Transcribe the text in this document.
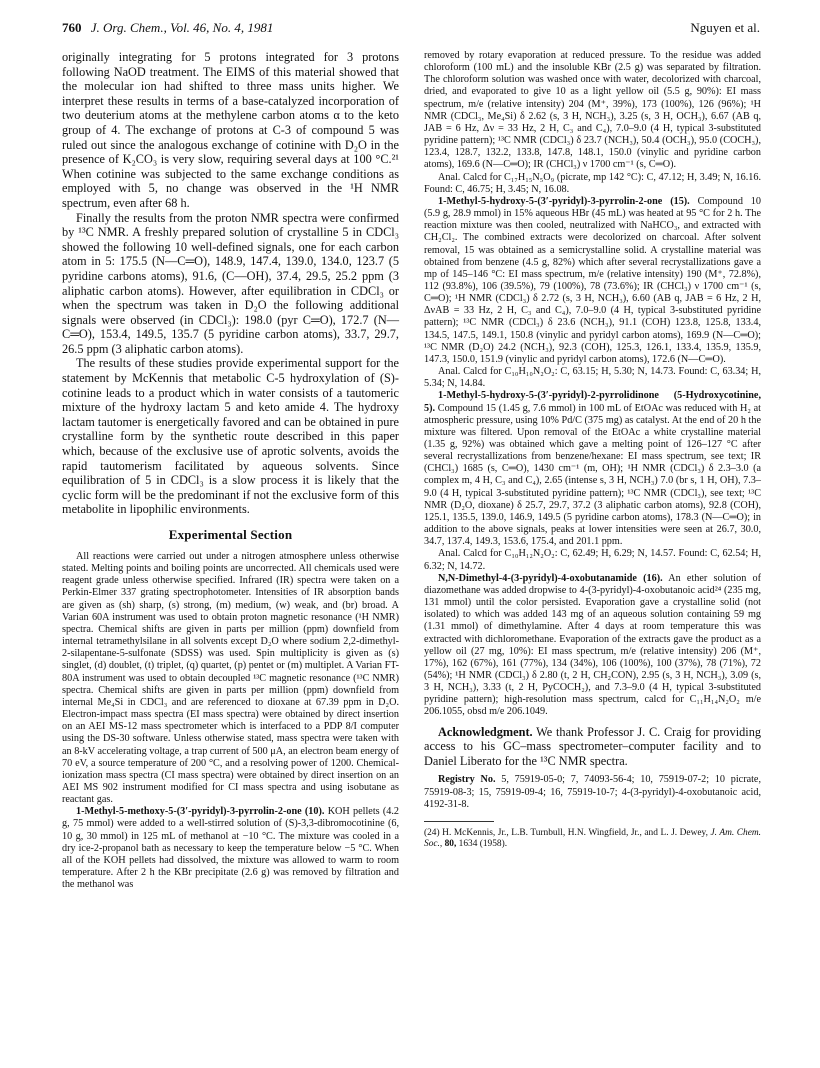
760 J. Org. Chem., Vol. 46, No. 4, 1981	Nguyen et al.

originally integrating for 5 protons integrated for 3 protons following NaOD treatment. The EIMS of this material showed that the molecular ion had shifted to three mass units higher. We interpret these results in terms of a base-catalyzed incorporation of two deuterium atoms at the methylene carbon atoms α to the keto group of 4. The exchange of protons at C-3 of compound 5 was ruled out since the analogous exchange of cotinine with D₂O in the presence of K₂CO₃ is very slow, requiring several days at 100 °C.²¹ When cotinine was subjected to the same exchange conditions as employed with 5, no change was observed in the ¹H NMR spectrum, even after 68 h.

Finally the results from the proton NMR spectra were confirmed by ¹³C NMR. A freshly prepared solution of crystalline 5 in CDCl₃ showed the following 10 well-defined signals, one for each carbon atom in 5: 175.5 (N—C═O), 148.9, 147.4, 139.0, 134.0, 123.7 (5 pyridine carbons atoms), 91.6, (C—OH), 37.4, 29.5, 25.2 ppm (3 aliphatic carbon atoms). However, after equilibration in CDCl₃ or when the spectrum was taken in D₂O the following additional signals were observed (in CDCl₃): 198.0 (pyr C═O), 172.7 (N—C═O), 153.4, 149.5, 135.7 (5 pyridine carbon atoms), 33.7, 29.7, 26.5 ppm (3 aliphatic carbon atoms).

The results of these studies provide experimental support for the statement by McKennis that metabolic C-5 hydroxylation of (S)-cotinine leads to a product which in water consists of a tautomeric mixture of the hydroxy lactam 5 and keto amide 4. The hydroxy lactam tautomer is energetically favored and can be obtained in pure crystalline form by the synthetic route described in this paper which, because of the exclusive use of aprotic solvents, avoids the rapid tautomerism facilitated by aqueous solvents. Since equilibration of 5 in CDCl₃ is a slow process it is likely that the cyclic form will be the predominant if not the exclusive form of this metabolite in lipophilic environments.

Experimental Section

All reactions were carried out under a nitrogen atmosphere unless otherwise stated. Melting points and boiling points are uncorrected. All chemicals used were reagent grade unless otherwise specified. Infrared (IR) spectra were taken on a Perkin-Elmer 337 grating spectrophotometer. Intensities of IR absorption bands are given as (sh) sharp, (s) strong, (m) medium, (w) weak, and (br) broad. A Varian 60A instrument was used to obtain proton magnetic resonance (¹H NMR) spectra. Chemical shifts are given in parts per million (ppm) downfield from internal tetramethylsilane in all solvents except D₂O where sodium 2,2-dimethyl-2-silapentane-5-sulfonate (SDSS) was used. Spin multiplicity is given as (s) singlet, (d) doublet, (t) triplet, (q) quartet, (p) pentet or (m) multiplet. A Varian FT-80A instrument was used to obtain decoupled ¹³C magnetic resonance (¹³C NMR) spectra. Chemical shifts are given in parts per million (ppm) downfield from internal Me₄Si in CDCl₃ and are referenced to dioxane at 67.39 ppm in D₂O. Electron-impact mass spectra (EI mass spectra) were obtained by direct insertion on an AEI MS-12 mass spectrometer which is interfaced to a PDP 8/I computer using the DS-30 software. Unless otherwise stated, mass spectra were taken with an 8-kV accelerating voltage, a trap current of 500 μA, an electron beam energy of 70 eV, a source temperature of 200 °C, and a resolving power of 1200. Chemical-ionization mass spectra (CI mass spectra) were obtained by direct insertion on an AEI MS 902 instrument modified for CI mass spectra and using isobutane as reactant gas.

1-Methyl-5-methoxy-5-(3′-pyridyl)-3-pyrrolin-2-one (10). KOH pellets (4.2 g, 75 mmol) were added to a well-stirred solution of (S)-3,3-dibromocotinine (6, 10 g, 30 mmol) in 125 mL of methanol at −10 °C. The mixture was cooled in a dry ice-2-propanol bath as necessary to keep the temperature below −5 °C. When all of the KOH pellets had dissolved, the mixture was allowed to warm to room temperature. After 2 h the KBr precipitate (2.6 g) was removed by filtration and the methanol was

removed by rotary evaporation at reduced pressure. To the residue was added chloroform (100 mL) and the insoluble KBr (2.5 g) was separated by filtration. The chloroform solution was washed once with water, decolorized with charcoal, dried, and evaporated to give 10 as a light yellow oil (5.5 g, 90%): EI mass spectrum, m/e (relative intensity) 204 (M⁺, 39%), 173 (100%), 126 (96%); ¹H NMR (CDCl₃, Me₄Si) δ 2.62 (s, 3 H, NCH₃), 3.25 (s, 3 H, OCH₃), 6.67 (AB q, JAB = 6 Hz, Δν = 33 Hz, 2 H, C₃ and C₄), 7.0–9.0 (4 H, typical 3-substituted pyridine pattern); ¹³C NMR (CDCl₃) δ 23.7 (NCH₃), 50.4 (OCH₃), 95.0 (COCH₃), 123.4, 128.7, 132.2, 133.8, 147.8, 148.1, 150.0 (vinylic and pyridine carbon atoms), 169.6 (N—C═O); IR (CHCl₃) ν 1700 cm⁻¹ (s, C═O).

Anal. Calcd for C₁₇H₁₅N₅O₉ (picrate, mp 142 °C): C, 47.12; H, 3.49; N, 16.16. Found: C, 46.75; H, 3.45; N, 16.08.

1-Methyl-5-hydroxy-5-(3′-pyridyl)-3-pyrrolin-2-one (15). Compound 10 (5.9 g, 28.9 mmol) in 15% aqueous HBr (45 mL) was heated at 95 °C for 2 h. The reaction mixture was then cooled, neutralized with NaHCO₃, and extracted with CH₂Cl₂. The combined extracts were decolorized on charcoal. After solvent removal, 15 was obtained as a semicrystalline solid. A crystalline material was obtained from benzene (4.5 g, 82%) which after several recrystallizations gave a mp of 145–146 °C: EI mass spectrum, m/e (relative intensity) 190 (M⁺, 72.8%), 112 (93.8%), 106 (39.5%), 79 (100%), 78 (73.6%); IR (CHCl₃) ν 1700 cm⁻¹ (s, C═O); ¹H NMR (CDCl₃) δ 2.72 (s, 3 H, NCH₃), 6.60 (AB q, JAB = 6 Hz, 2 H, ΔνAB = 33 Hz, 2 H, C₃ and C₄), 7.0–9.0 (4 H, typical 3-substituted pyridine pattern); ¹³C NMR (CDCl₃) δ 23.6 (NCH₃), 91.1 (COH) 123.8, 125.8, 133.4, 134.5, 147.5, 149.1, 150.8 (vinylic and pyridyl carbon atoms), 169.9 (N—C═O); ¹³C NMR (D₂O) 24.2 (NCH₃), 92.3 (COH), 125.3, 126.1, 133.4, 135.9, 135.9, 147.3, 150.0, 151.9 (vinylic and pyridyl carbon atoms), 172.6 (N—C═O).

Anal. Calcd for C₁₀H₁₀N₂O₂: C, 63.15; H, 5.30; N, 14.73. Found: C, 63.34; H, 5.34; N, 14.84.

1-Methyl-5-hydroxy-5-(3′-pyridyl)-2-pyrrolidinone (5-Hydroxycotinine, 5). Compound 15 (1.45 g, 7.6 mmol) in 100 mL of EtOAc was reduced with H₂ at atmospheric pressure, using 10% Pd/C (375 mg) as catalyst. At the end of 20 h the mixture was filtered. Upon removal of the EtOAc a white crystalline material (1.35 g, 92%) was obtained which gave a melting point of 126–127 °C after several recrystallizations from benzene/hexane: EI mass spectrum, see text; IR (CHCl₃) 1685 (s, C═O), 1430 cm⁻¹ (m, OH); ¹H NMR (CDCl₃) δ 2.3–3.0 (a complex m, 4 H, C₃ and C₄), 2.65 (intense s, 3 H, NCH₃) 7.0 (br s, 1 H, OH), 7.3–9.0 (4 H, typical 3-substituted pyridine pattern); ¹³C NMR (CDCl₃), see text; ¹³C NMR (D₂O, dioxane) δ 25.7, 29.7, 37.2 (3 aliphatic carbon atoms), 92.8 (COH), 125.1, 135.5, 139.0, 146.9, 149.5 (5 pyridine carbon atoms), 178.3 (N—C═O); in addition to the above signals, peaks at lower intensities were seen at 26.7, 30.0, 34.7, 137.4, 149.3, 153.6, 175.4, and 201.1 ppm.

Anal. Calcd for C₁₀H₁₂N₂O₂: C, 62.49; H, 6.29; N, 14.57. Found: C, 62.54; H, 6.32; N, 14.72.

N,N-Dimethyl-4-(3-pyridyl)-4-oxobutanamide (16). An ether solution of diazomethane was added dropwise to 4-(3-pyridyl)-4-oxobutanoic acid²⁴ (235 mg, 131 mmol) until the color persisted. Evaporation gave a crystalline solid (not isolated) to which was added 143 mg of an aqueous solution containing 59 mg (1.31 mmol) of dimethylamine. After 4 days at room temperature this was extracted with dichloromethane. Evaporation of the extracts gave the product as a yellow oil (27 mg, 10%): EI mass spectrum, m/e (relative intensity) 206 (M⁺, 17%), 162 (67%), 161 (77%), 134 (34%), 106 (100%), 100 (37%), 78 (71%), 72 (54%); ¹H NMR (CDCl₃) δ 2.80 (t, 2 H, CH₂CON), 2.95 (s, 3 H, NCH₃), 3.09 (s, 3 H, NCH₃), 3.33 (t, 2 H, PyCOCH₂), and 7.3–9.0 (4 H, typical 3-substituted pyridine pattern); high-resolution mass spectrum, calcd for C₁₁H₁₄N₂O₂ m/e 206.1055, obsd m/e 206.1049.

Acknowledgment. We thank Professor J. C. Craig for providing access to his GC–mass spectrometer–computer facility and to Daniel Liberato for the ¹³C NMR spectra.

Registry No. 5, 75919-05-0; 7, 74093-56-4; 10, 75919-07-2; 10 picrate, 75919-08-3; 15, 75919-09-4; 16, 75919-10-7; 4-(3-pyridyl)-4-oxobutanoic acid, 4192-31-8.

(24) H. McKennis, Jr., L.B. Turnbull, H.N. Wingfield, Jr., and L. J. Dewey, J. Am. Chem. Soc., 80, 1634 (1958).
